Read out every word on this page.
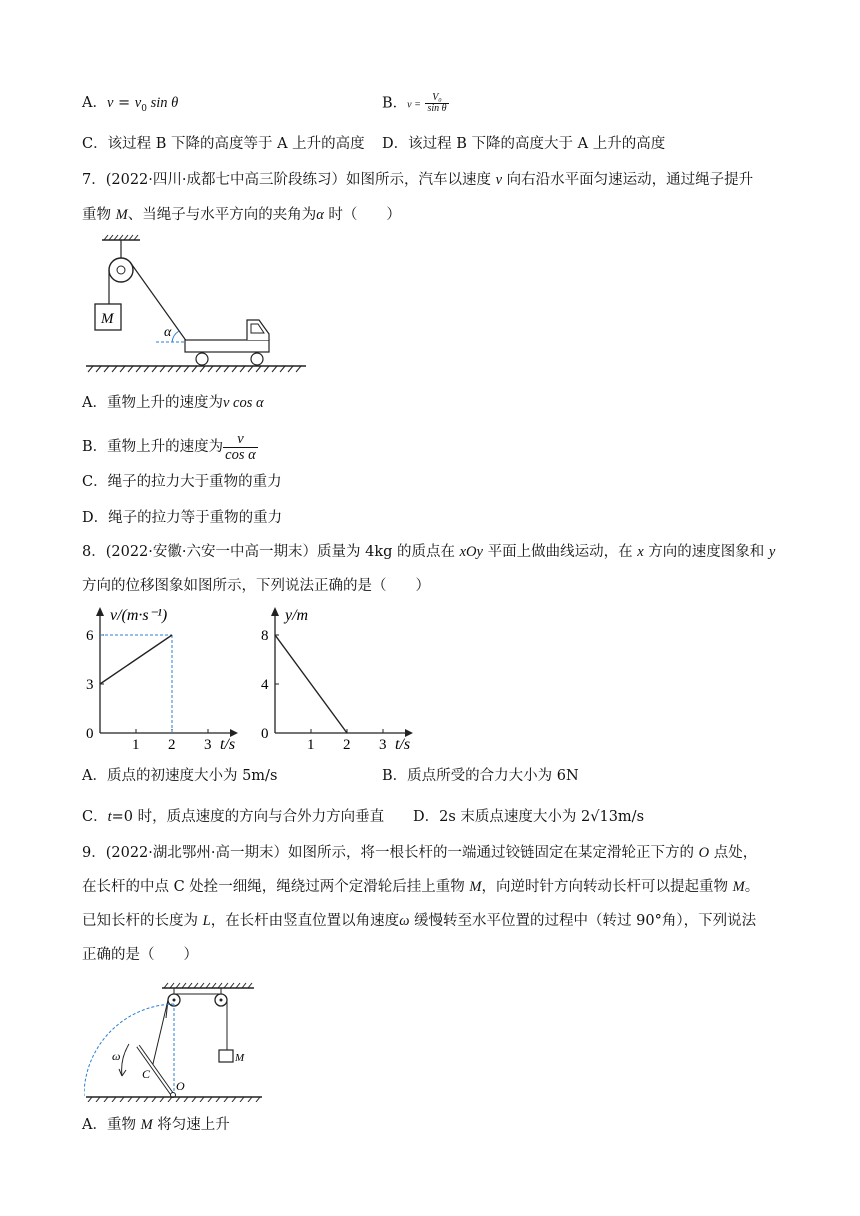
A．$v = v_0$ sin θ	B．$v = \frac{\text{V₀}}{\text{sin θ}}$
C．该过程 B 下降的高度等于 A 上升的高度 D．该过程 B 下降的高度大于 A 上升的高度
7．(2022·四川·成都七中高三阶段练习）如图所示，汽车以速度 v 向右沿水平面匀速运动，通过绳子提升
重物 M、当绳子与水平方向的夹角为α 时（　　）
M
α
A．重物上升的速度为v cos α
B．重物上升的速度为 $\frac{v}{\text{cos α}}$
C．绳子的拉力大于重物的重力
D．绳子的拉力等于重物的重力
8．(2022·安徽·六安一中高一期末）质量为 4kg 的质点在 xOy 平面上做曲线运动，在 x 方向的速度图象和 y
方向的位移图象如图所示，下列说法正确的是（　　）
1 2 3
0
3
6
v/(m·s⁻¹)
t/s	1 2 3
0
4
8
y/m
t/s
A．质点的初速度大小为 5m/s	B．质点所受的合力大小为 6N
C．t=0 时，质点速度的方向与合外力方向垂直 D．2s 末质点速度大小为 2√13m/s
9．(2022·湖北鄂州·高一期末）如图所示，将一根长杆的一端通过铰链固定在某定滑轮正下方的 O 点处，
在长杆的中点 C 处拴一细绳，绳绕过两个定滑轮后挂上重物 M，向逆时针方向转动长杆可以提起重物 M。
已知长杆的长度为 L，在长杆由竖直位置以角速度ω 缓慢转至水平位置的过程中（转过 90°角），下列说法
正确的是（　　）
M
C
O
ω
A．重物 M 将匀速上升
